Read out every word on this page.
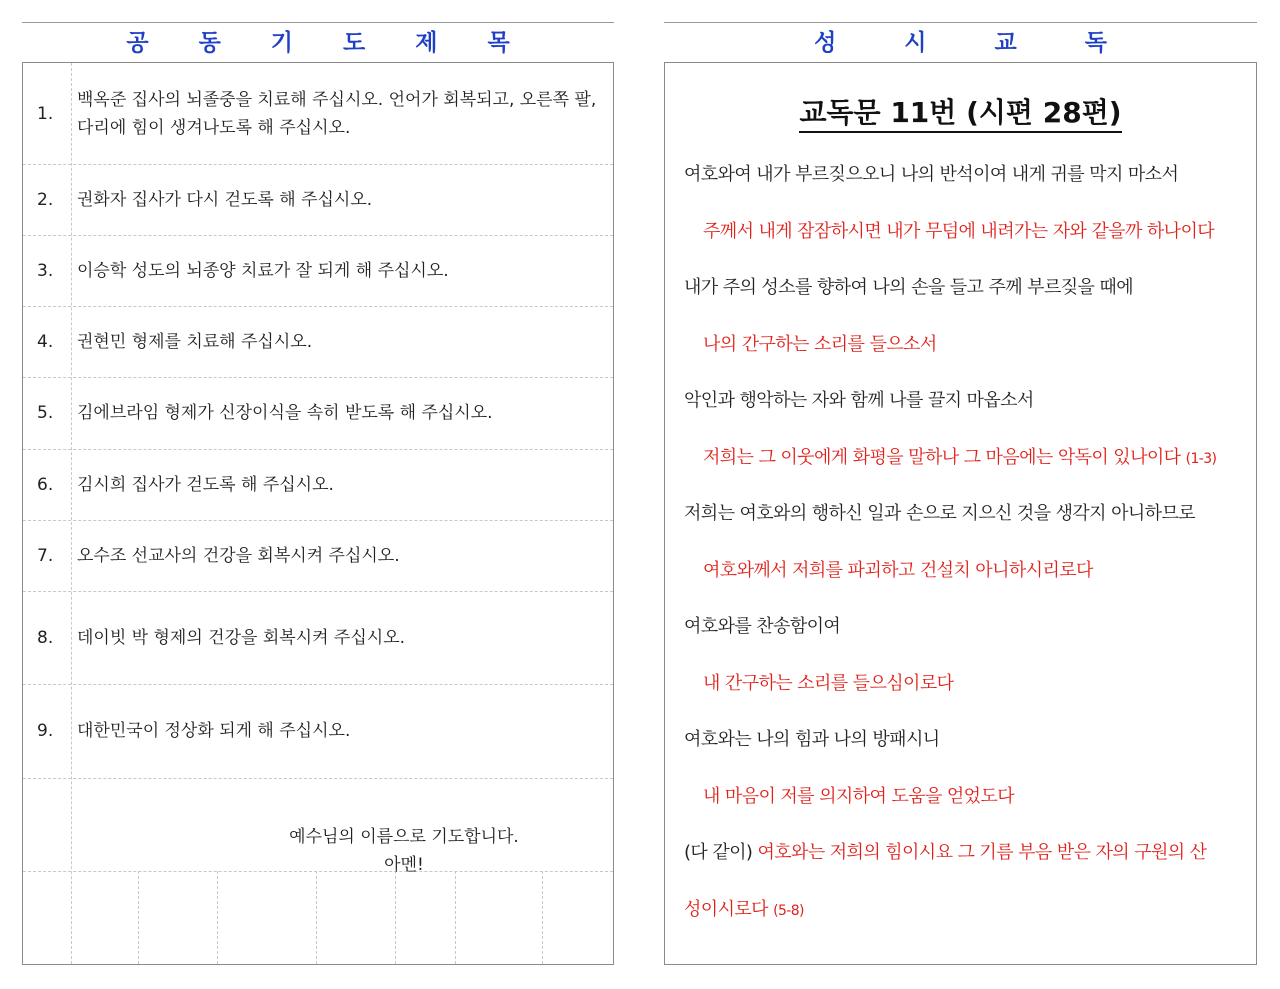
공 동 기 도 제 목
1.
백옥준 집사의 뇌졸중을 치료해 주십시오. 언어가 회복되고, 오른쪽 팔, 다리에 힘이 생겨나도록 해 주십시오.
2. 권화자 집사가 다시 걷도록 해 주십시오.
3. 이승학 성도의 뇌종양 치료가 잘 되게 해 주십시오.
4. 권현민 형제를 치료해 주십시오.
5. 김에브라임 형제가 신장이식을 속히 받도록 해 주십시오.
6. 김시희 집사가 걷도록 해 주십시오.
7. 오수조 선교사의 건강을 회복시켜 주십시오.
8. 데이빗 박 형제의 건강을 회복시켜 주십시오.
9. 대한민국이 정상화 되게 해 주십시오.
예수님의 이름으로 기도합니다.
아멘!
성	시	교	독
교독문 11번 (시편 28편)
여호와여 내가 부르짖으오니 나의 반석이여 내게 귀를 막지 마소서
주께서 내게 잠잠하시면 내가 무덤에 내려가는 자와 같을까 하나이다
내가 주의 성소를 향하여 나의 손을 들고 주께 부르짖을 때에
나의 간구하는 소리를 들으소서
악인과 행악하는 자와 함께 나를 끌지 마옵소서
저희는 그 이웃에게 화평을 말하나 그 마음에는 악독이 있나이다 (1-3)
저희는 여호와의 행하신 일과 손으로 지으신 것을 생각지 아니하므로
여호와께서 저희를 파괴하고 건설치 아니하시리로다
여호와를 찬송함이여
내 간구하는 소리를 들으심이로다
여호와는 나의 힘과 나의 방패시니
내 마음이 저를 의지하여 도움을 얻었도다
(다 같이) 여호와는 저희의 힘이시요 그 기름 부음 받은 자의 구원의 산
성이시로다 (5-8)
